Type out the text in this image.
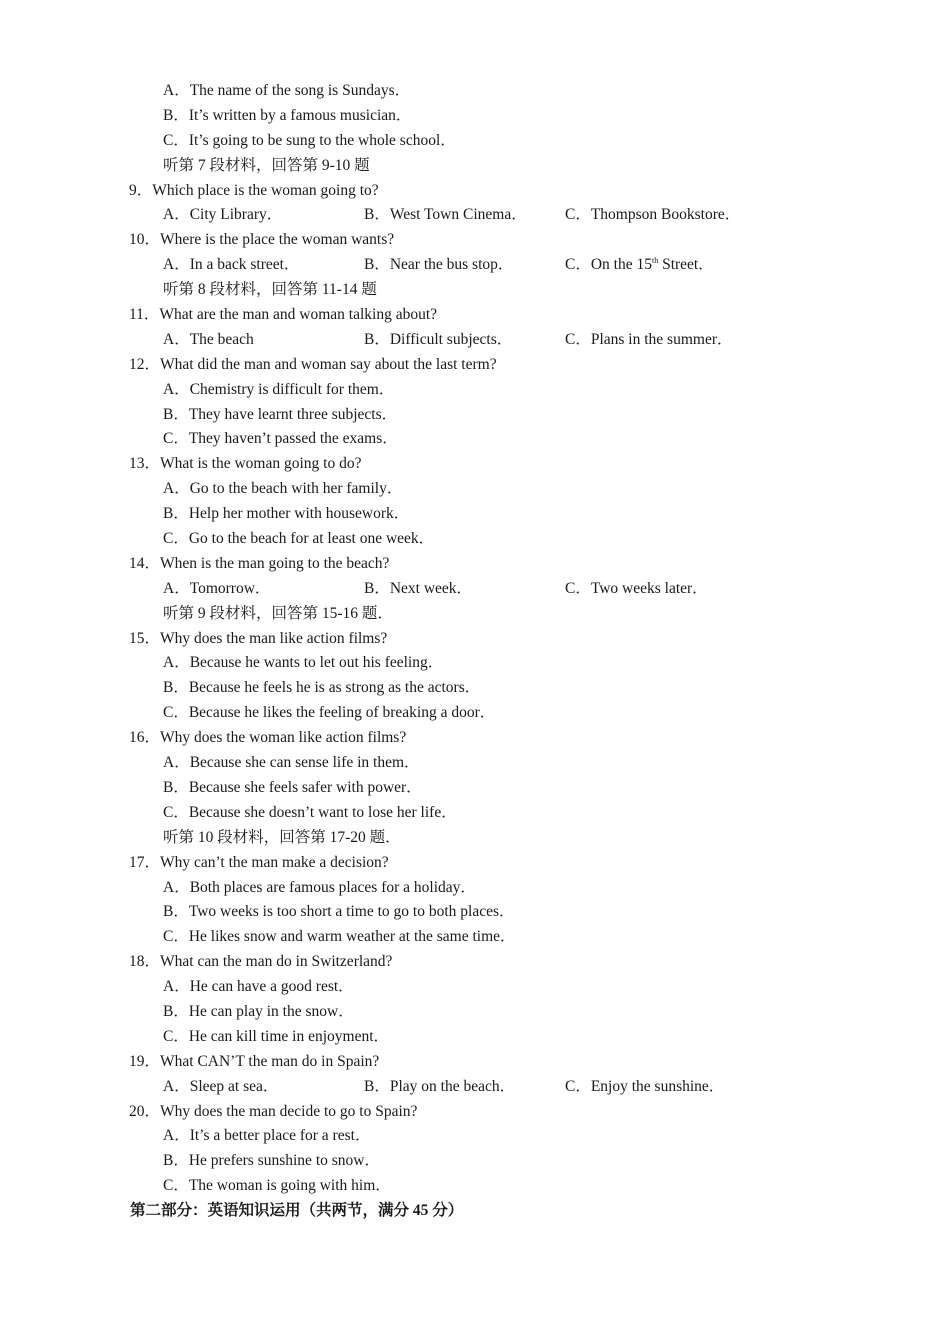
A．The name of the song is Sundays．
B．It’s written by a famous musician．
C．It’s going to be sung to the whole school．
听第 7 段材料，回答第 9-10 题
9．Which place is the woman going to?
A．City Library．	B．West Town Cinema． C．Thompson Bookstore．
10．Where is the place the woman wants?
A．In a back street．	B．Near the bus stop．	C．On the 15th Street．
听第 8 段材料，回答第 11-14 题
11．What are the man and woman talking about?
A．The beach	B．Difficult subjects．	C．Plans in the summer．
12．What did the man and woman say about the last term?
A．Chemistry is difficult for them．
B．They have learnt three subjects．
C．They haven’t passed the exams．
13．What is the woman going to do?
A．Go to the beach with her family．
B．Help her mother with housework．
C．Go to the beach for at least one week．
14．When is the man going to the beach?
A．Tomorrow．	B．Next week．	C．Two weeks later．
听第 9 段材料，回答第 15-16 题．
15．Why does the man like action films?
A．Because he wants to let out his feeling．
B．Because he feels he is as strong as the actors．
C．Because he likes the feeling of breaking a door．
16．Why does the woman like action films?
A．Because she can sense life in them．
B．Because she feels safer with power．
C．Because she doesn’t want to lose her life．
听第 10 段材料，回答第 17-20 题．
17．Why can’t the man make a decision?
A．Both places are famous places for a holiday．
B．Two weeks is too short a time to go to both places．
C．He likes snow and warm weather at the same time．
18．What can the man do in Switzerland?
A．He can have a good rest．
B．He can play in the snow．
C．He can kill time in enjoyment．
19．What CAN’T the man do in Spain?
A．Sleep at sea．	B．Play on the beach．	C．Enjoy the sunshine．
20．Why does the man decide to go to Spain?
A．It’s a better place for a rest．
B．He prefers sunshine to snow．
C．The woman is going with him．
第二部分：英语知识运用（共两节，满分 45 分）
